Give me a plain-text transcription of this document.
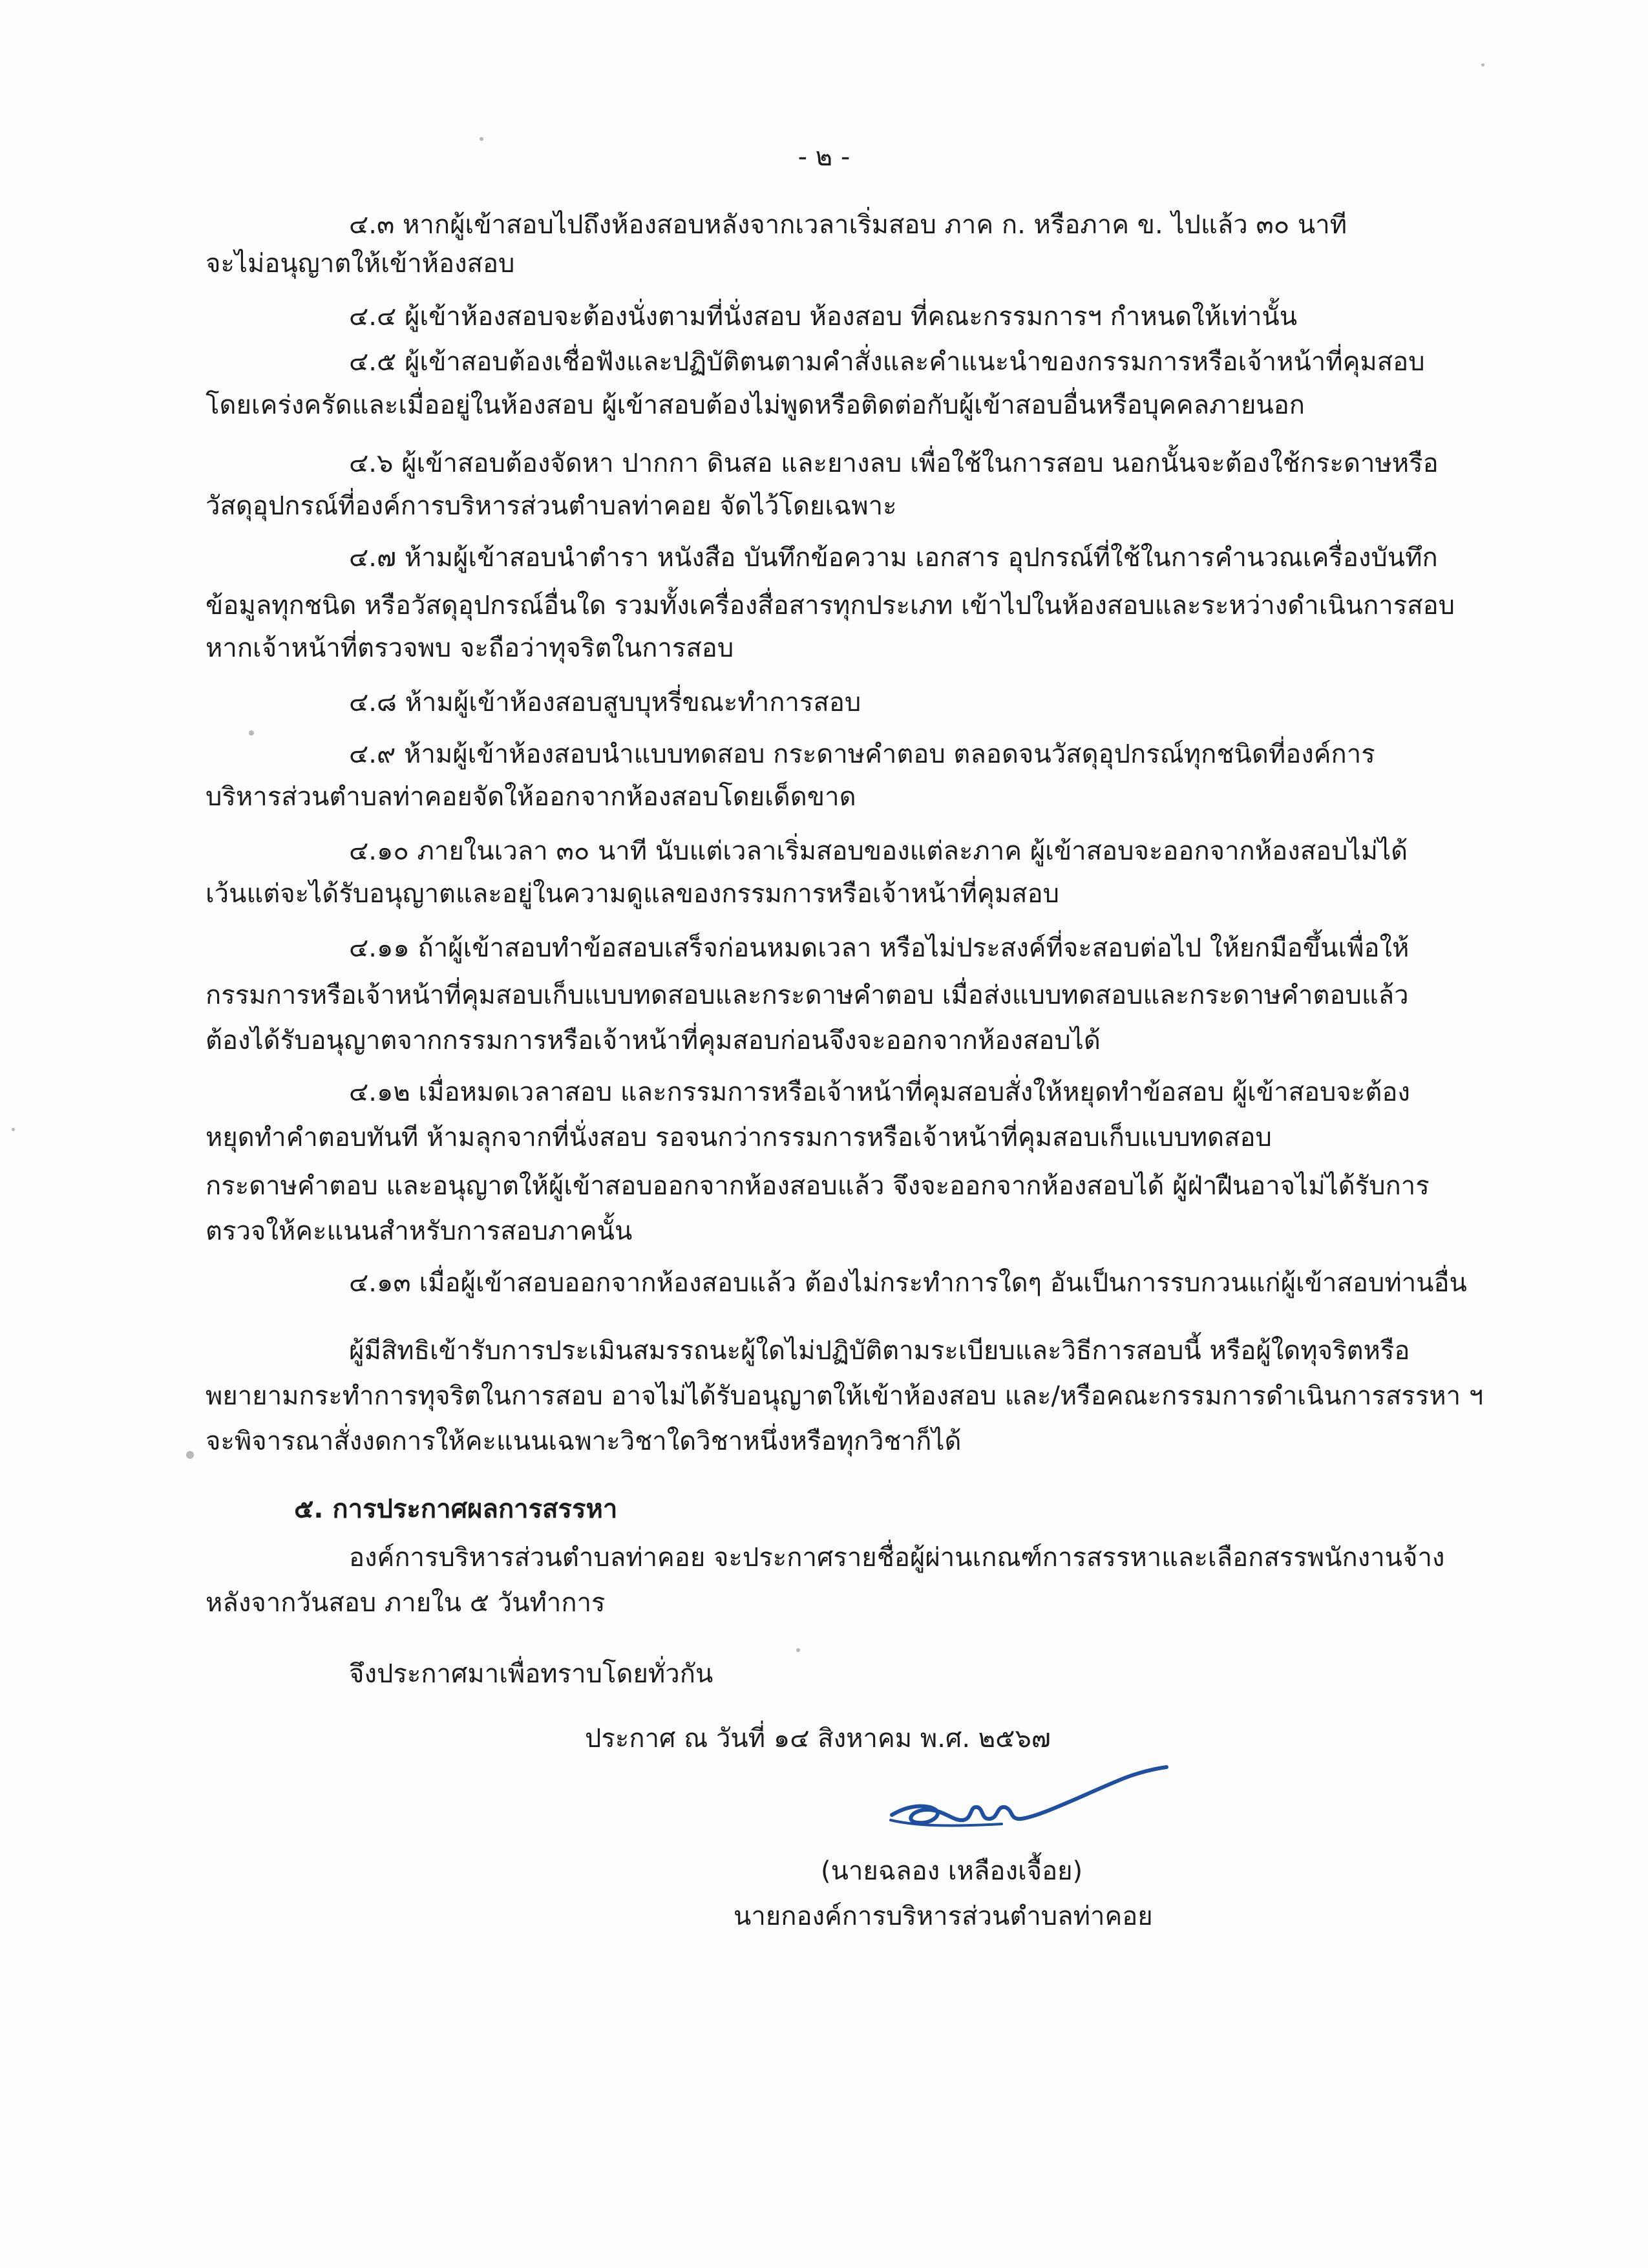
- ๒ -
๔.๓ หากผู้เข้าสอบไปถึงห้องสอบหลังจากเวลาเริ่มสอบ ภาค ก. หรือภาค ข. ไปแล้ว ๓๐ นาที
จะไม่อนุญาตให้เข้าห้องสอบ
๔.๔ ผู้เข้าห้องสอบจะต้องนั่งตามที่นั่งสอบ ห้องสอบ ที่คณะกรรมการฯ กำหนดให้เท่านั้น
๔.๕ ผู้เข้าสอบต้องเชื่อฟังและปฏิบัติตนตามคำสั่งและคำแนะนำของกรรมการหรือเจ้าหน้าที่คุมสอบ
โดยเคร่งครัดและเมื่ออยู่ในห้องสอบ ผู้เข้าสอบต้องไม่พูดหรือติดต่อกับผู้เข้าสอบอื่นหรือบุคคลภายนอก
๔.๖ ผู้เข้าสอบต้องจัดหา ปากกา ดินสอ และยางลบ เพื่อใช้ในการสอบ นอกนั้นจะต้องใช้กระดาษหรือ
วัสดุอุปกรณ์ที่องค์การบริหารส่วนตำบลท่าคอย จัดไว้โดยเฉพาะ
๔.๗ ห้ามผู้เข้าสอบนำตำรา หนังสือ บันทึกข้อความ เอกสาร อุปกรณ์ที่ใช้ในการคำนวณเครื่องบันทึก
ข้อมูลทุกชนิด หรือวัสดุอุปกรณ์อื่นใด รวมทั้งเครื่องสื่อสารทุกประเภท เข้าไปในห้องสอบและระหว่างดำเนินการสอบ
หากเจ้าหน้าที่ตรวจพบ จะถือว่าทุจริตในการสอบ
๔.๘ ห้ามผู้เข้าห้องสอบสูบบุหรี่ขณะทำการสอบ
๔.๙ ห้ามผู้เข้าห้องสอบนำแบบทดสอบ กระดาษคำตอบ ตลอดจนวัสดุอุปกรณ์ทุกชนิดที่องค์การ
บริหารส่วนตำบลท่าคอยจัดให้ออกจากห้องสอบโดยเด็ดขาด
๔.๑๐ ภายในเวลา ๓๐ นาที นับแต่เวลาเริ่มสอบของแต่ละภาค ผู้เข้าสอบจะออกจากห้องสอบไม่ได้
เว้นแต่จะได้รับอนุญาตและอยู่ในความดูแลของกรรมการหรือเจ้าหน้าที่คุมสอบ
๔.๑๑ ถ้าผู้เข้าสอบทำข้อสอบเสร็จก่อนหมดเวลา หรือไม่ประสงค์ที่จะสอบต่อไป ให้ยกมือขึ้นเพื่อให้
กรรมการหรือเจ้าหน้าที่คุมสอบเก็บแบบทดสอบและกระดาษคำตอบ เมื่อส่งแบบทดสอบและกระดาษคำตอบแล้ว
ต้องได้รับอนุญาตจากกรรมการหรือเจ้าหน้าที่คุมสอบก่อนจึงจะออกจากห้องสอบได้
๔.๑๒ เมื่อหมดเวลาสอบ และกรรมการหรือเจ้าหน้าที่คุมสอบสั่งให้หยุดทำข้อสอบ ผู้เข้าสอบจะต้อง
หยุดทำคำตอบทันที ห้ามลุกจากที่นั่งสอบ รอจนกว่ากรรมการหรือเจ้าหน้าที่คุมสอบเก็บแบบทดสอบ
กระดาษคำตอบ และอนุญาตให้ผู้เข้าสอบออกจากห้องสอบแล้ว จึงจะออกจากห้องสอบได้ ผู้ฝ่าฝืนอาจไม่ได้รับการ
ตรวจให้คะแนนสำหรับการสอบภาคนั้น
๔.๑๓ เมื่อผู้เข้าสอบออกจากห้องสอบแล้ว ต้องไม่กระทำการใดๆ อันเป็นการรบกวนแก่ผู้เข้าสอบท่านอื่น
ผู้มีสิทธิเข้ารับการประเมินสมรรถนะผู้ใดไม่ปฏิบัติตามระเบียบและวิธีการสอบนี้ หรือผู้ใดทุจริตหรือ
พยายามกระทำการทุจริตในการสอบ อาจไม่ได้รับอนุญาตให้เข้าห้องสอบ และ/หรือคณะกรรมการดำเนินการสรรหา ฯ
จะพิจารณาสั่งงดการให้คะแนนเฉพาะวิชาใดวิชาหนึ่งหรือทุกวิชาก็ได้
๕. การประกาศผลการสรรหา
องค์การบริหารส่วนตำบลท่าคอย จะประกาศรายชื่อผู้ผ่านเกณฑ์การสรรหาและเลือกสรรพนักงานจ้าง
หลังจากวันสอบ ภายใน ๕ วันทำการ
จึงประกาศมาเพื่อทราบโดยทั่วกัน
ประกาศ ณ วันที่ ๑๔ สิงหาคม พ.ศ. ๒๕๖๗
(นายฉลอง เหลืองเจื้อย)
นายกองค์การบริหารส่วนตำบลท่าคอย
